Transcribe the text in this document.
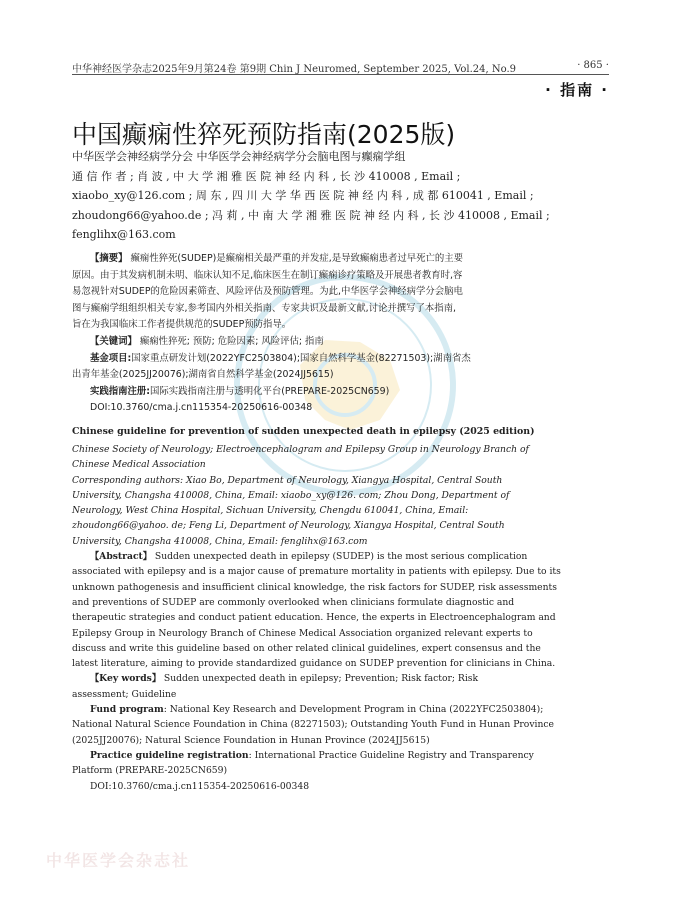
中华神经医学杂志2025年9月第24卷 第9期 Chin J Neuromed, September 2025, Vol.24, No.9	· 865 ·
· 指南 ·
中国癫痫性猝死预防指南(2025版)

中华医学会神经病学分会 中华医学会神经病学分会脑电图与癫痫学组

通 信 作 者 ; 肖 波 , 中 大 学 湘 雅 医 院 神 经 内 科 , 长 沙 410008 , Email ;

xiaobo_xy@126.com ; 周 东 , 四 川 大 学 华 西 医 院 神 经 内 科 , 成 都 610041 , Email ;

zhoudong66@yahoo.de ; 冯 莉 , 中 南 大 学 湘 雅 医 院 神 经 内 科 , 长 沙 410008 , Email ;

fenglihx@163.com

【摘要】 癫痫性猝死(SUDEP)是癫痫相关最严重的并发症,是导致癫痫患者过早死亡的主要

原因。由于其发病机制未明、临床认知不足,临床医生在制订癫痫诊疗策略及开展患者教育时,容

易忽视针对SUDEP的危险因素筛查、风险评估及预防管理。为此,中华医学会神经病学分会脑电

图与癫痫学组组织相关专家,参考国内外相关指南、专家共识及最新文献,讨论并撰写了本指南,

旨在为我国临床工作者提供规范的SUDEP预防指导。

【关键词】 癫痫性猝死; 预防; 危险因素; 风险评估; 指南

基金项目:国家重点研发计划(2022YFC2503804);国家自然科学基金(82271503);湖南省杰

出青年基金(2025JJ20076);湖南省自然科学基金(2024JJ5615)

实践指南注册:国际实践指南注册与透明化平台(PREPARE-2025CN659)

DOI:10.3760/cma.j.cn115354-20250616-00348

Chinese guideline for prevention of sudden unexpected death in epilepsy (2025 edition)

Chinese Society of Neurology; Electroencephalogram and Epilepsy Group in Neurology Branch of

Chinese Medical Association

Corresponding authors: Xiao Bo, Department of Neurology, Xiangya Hospital, Central South

University, Changsha 410008, China, Email: xiaobo_xy@126. com; Zhou Dong, Department of

Neurology, West China Hospital, Sichuan University, Chengdu 610041, China, Email:

zhoudong66@yahoo. de; Feng Li, Department of Neurology, Xiangya Hospital, Central South

University, Changsha 410008, China, Email: fenglihx@163.com

【Abstract】 Sudden unexpected death in epilepsy (SUDEP) is the most serious complication

associated with epilepsy and is a major cause of premature mortality in patients with epilepsy. Due to its

unknown pathogenesis and insufficient clinical knowledge, the risk factors for SUDEP, risk assessments

and preventions of SUDEP are commonly overlooked when clinicians formulate diagnostic and

therapeutic strategies and conduct patient education. Hence, the experts in Electroencephalogram and

Epilepsy Group in Neurology Branch of Chinese Medical Association organized relevant experts to

discuss and write this guideline based on other related clinical guidelines, expert consensus and the

latest literature, aiming to provide standardized guidance on SUDEP prevention for clinicians in China.

【Key words】 Sudden unexpected death in epilepsy; Prevention; Risk factor; Risk

assessment; Guideline

Fund program: National Key Research and Development Program in China (2022YFC2503804);

National Natural Science Foundation in China (82271503); Outstanding Youth Fund in Hunan Province

(2025JJ20076); Natural Science Foundation in Hunan Province (2024JJ5615)

Practice guideline registration: International Practice Guideline Registry and Transparency

Platform (PREPARE-2025CN659)

DOI:10.3760/cma.j.cn115354-20250616-00348

中华医学会杂志社
